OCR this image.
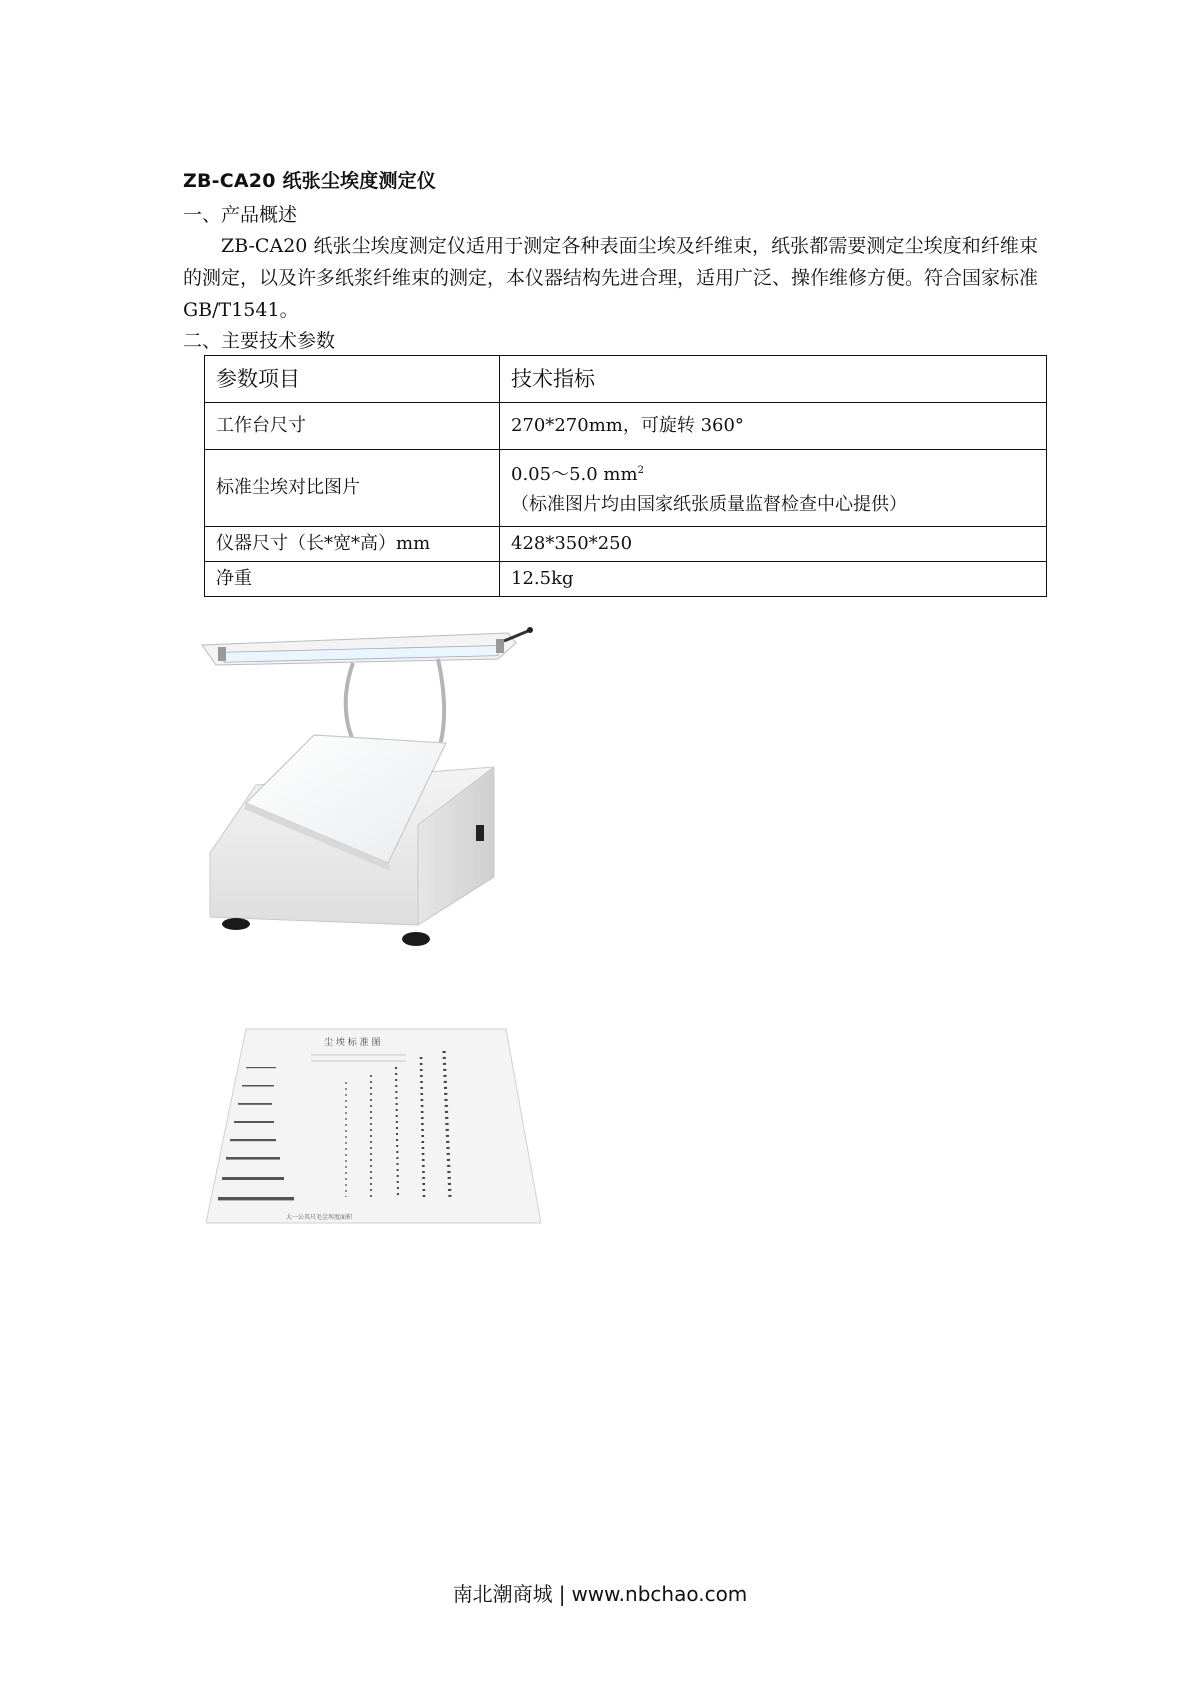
ZB-CA20 纸张尘埃度测定仪
一、产品概述
ZB-CA20 纸张尘埃度测定仪适用于测定各种表面尘埃及纤维束，纸张都需要测定尘埃度和纤维束的测定，以及许多纸浆纤维束的测定，本仪器结构先进合理，适用广泛、操作维修方便。符合国家标准 GB/T1541。
二、主要技术参数
参数项目	技术指标
工作台尺寸	270*270mm，可旋转 360°
标准尘埃对比图片	0.05～5.0 $mm^2$（标准图片均由国家纸张质量监督检查中心提供）
仪器尺寸（长*宽*高）mm	428*350*250
净重	12.5kg
尘 埃 标 准 图
大一公英尺毛尘埃度面积
南北潮商城 | www.nbchao.com
